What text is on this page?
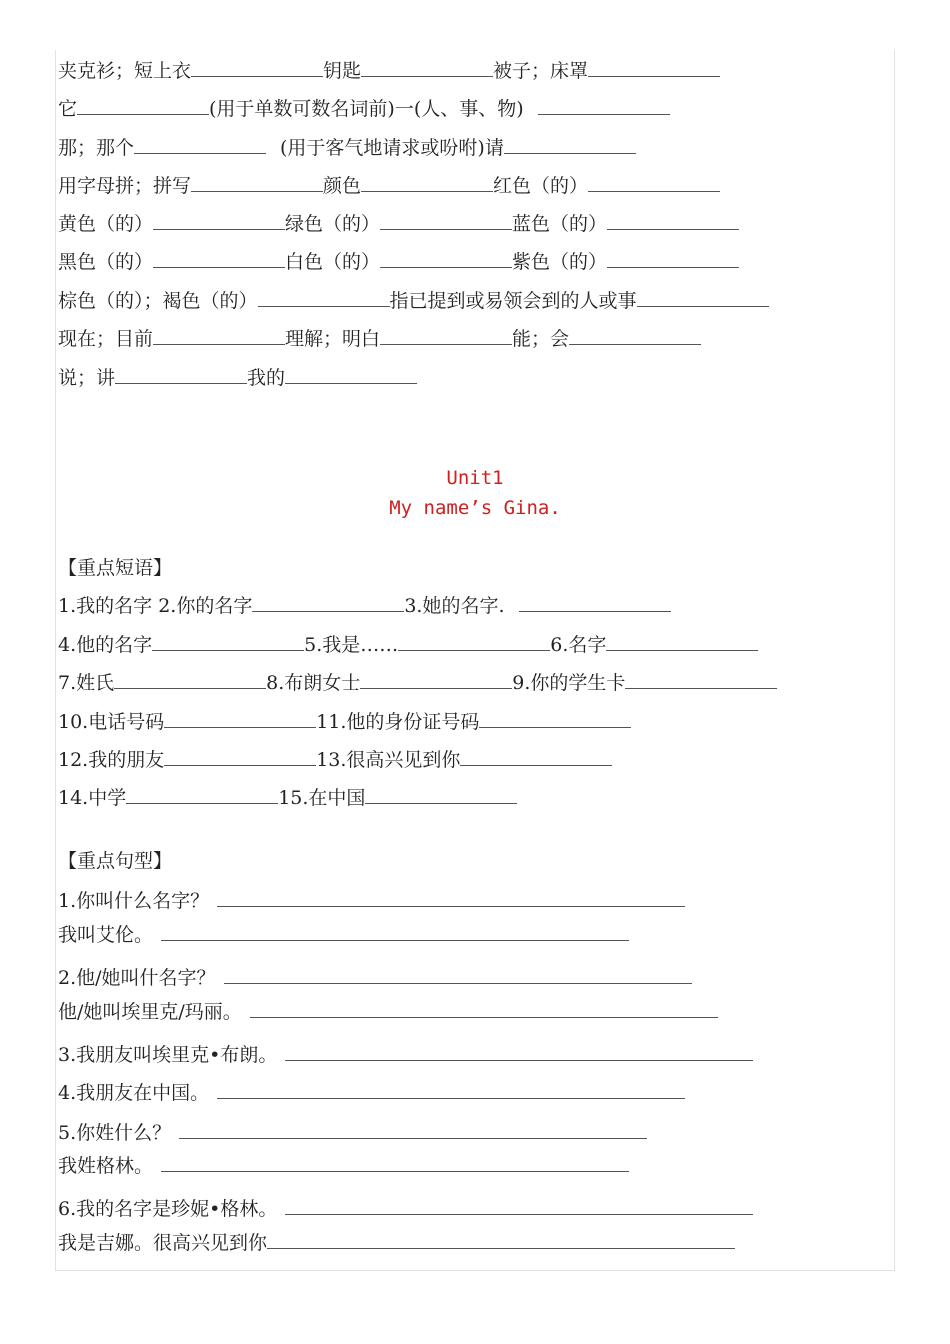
夹克衫；短上衣	钥匙	被子；床罩
它	(用于单数可数名词前)一(人、事、物)
那；那个	(用于客气地请求或吩咐)请
用字母拼；拼写	颜色	红色（的）
黄色（的）	绿色（的）	蓝色（的）
黑色（的）	白色（的）	紫色（的）
棕色（的）；褐色（的）	指已提到或易领会到的人或事
现在；目前	理解；明白	能；会
说；讲	我的
Unit1
My name’s Gina.
【重点短语】
1.我的名字 2.你的名字	3.她的名字.
4.他的名字	5.我是……	6.名字
7.姓氏	8.布朗女士	9.你的学生卡
10.电话号码	11.他的身份证号码
12.我的朋友	13.很高兴见到你
14.中学	15.在中国
【重点句型】
1.你叫什么名字？
我叫艾伦。
2.他/她叫什名字？
他/她叫埃里克/玛丽。
3.我朋友叫埃里克•布朗。
4.我朋友在中国。
5.你姓什么？
我姓格林。
6.我的名字是珍妮•格林。
我是吉娜。很高兴见到你
